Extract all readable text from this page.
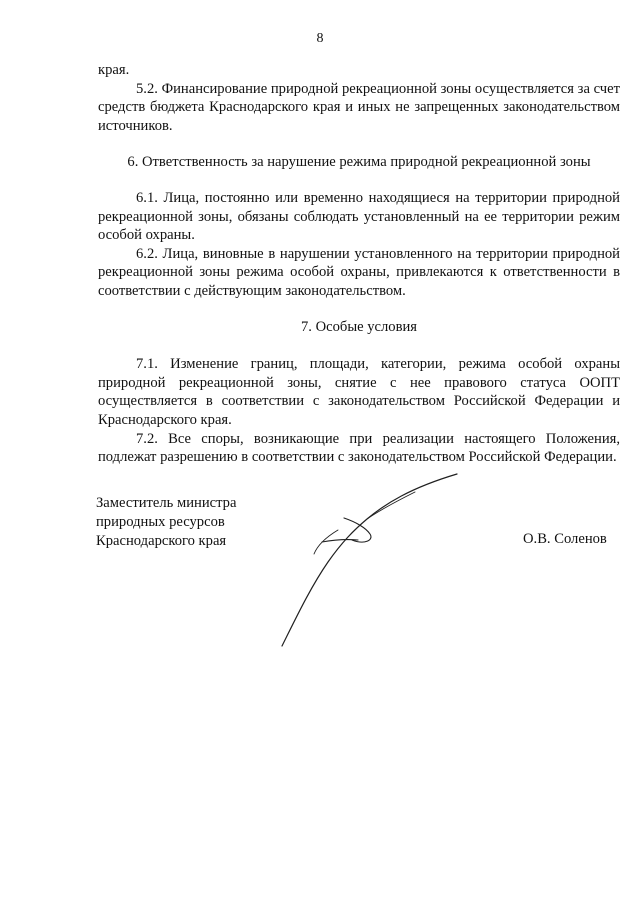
8

края.

5.2. Финансирование природной рекреационной зоны осуществляется за счет средств бюджета Краснодарского края и иных не запрещенных законодательством источников.

6. Ответственность за нарушение режима природной рекреационной зоны

6.1. Лица, постоянно или временно находящиеся на территории природной рекреационной зоны, обязаны соблюдать установленный на ее территории режим особой охраны.

6.2. Лица, виновные в нарушении установленного на территории природной рекреационной зоны режима особой охраны, привлекаются к ответственности в соответствии с действующим законодательством.

7. Особые условия

7.1. Изменение границ, площади, категории, режима особой охраны природной рекреационной зоны, снятие с нее правового статуса ООПТ осуществляется в соответствии с законодательством Российской Федерации и Краснодарского края.

7.2. Все споры, возникающие при реализации настоящего Положения, подлежат разрешению в соответствии с законодательством Российской Федерации.

Заместитель министра
природных ресурсов
Краснодарского края	О.В. Соленов
